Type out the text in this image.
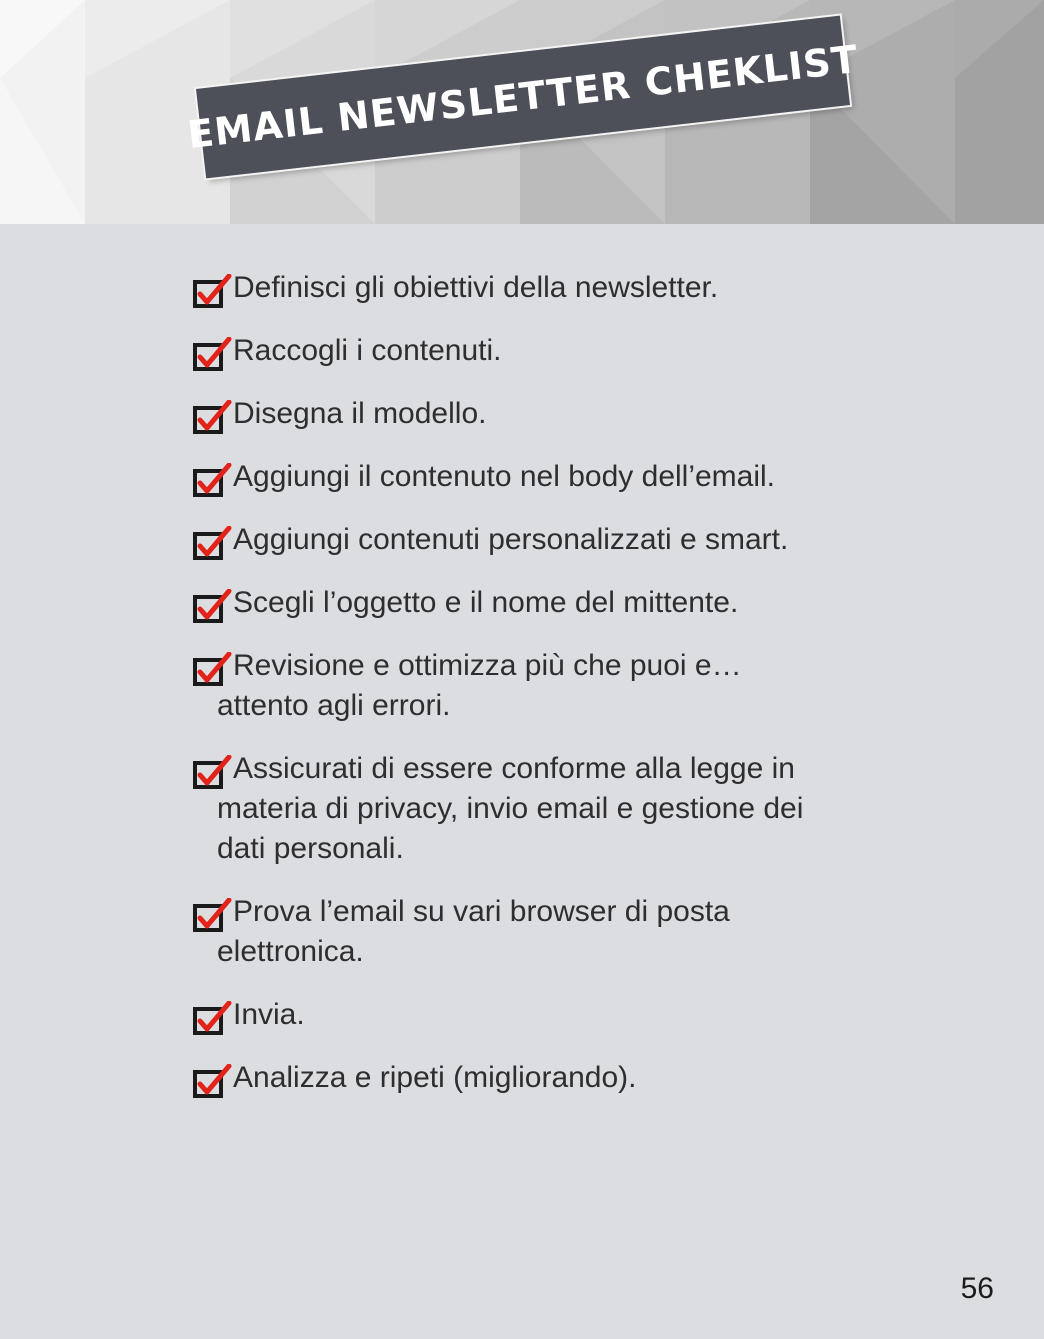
EMAIL NEWSLETTER CHEKLIST
Definisci gli obiettivi della newsletter.
Raccogli i contenuti.
Disegna il modello.
Aggiungi il contenuto nel body dell’email.
Aggiungi contenuti personalizzati e smart.
Scegli l’oggetto e il nome del mittente.
Revisione e ottimizza più che puoi e… attento agli errori.
Assicurati di essere conforme alla legge in materia di privacy, invio email e gestione dei dati personali.
Prova l’email su vari browser di posta elettronica.
Invia.
Analizza e ripeti (migliorando).
56
